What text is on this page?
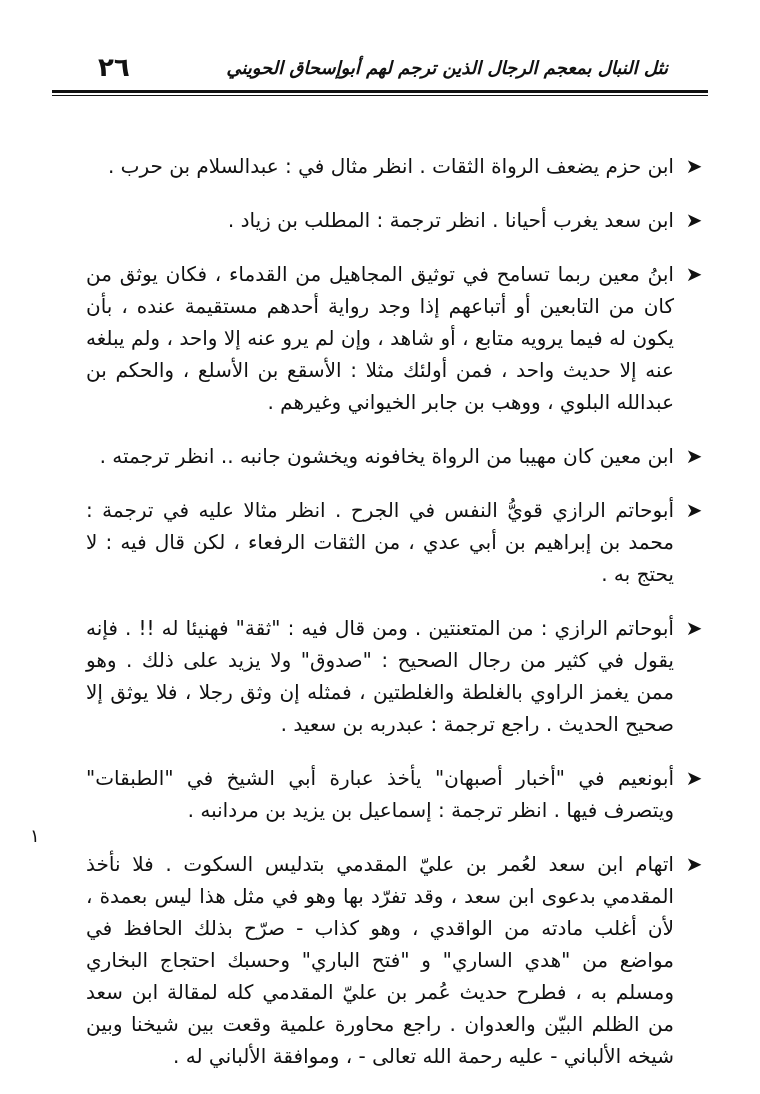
٢٦	نثل النبال بمعجم الرجال الذين ترجم لهم أبوإسحاق الحويني
➤
ابن حزم يضعف الرواة الثقات . انظر مثال في : عبدالسلام بن حرب .
➤
ابن سعد يغرب أحيانا . انظر ترجمة : المطلب بن زياد .
➤
ابنُ معين ربما تسامح في توثيق المجاهيل من القدماء ، فكان يوثق من كان من التابعين أو أتباعهم إذا وجد رواية أحدهم مستقيمة عنده ، بأن يكون له فيما يرويه متابع ، أو شاهد ، وإن لم يرو عنه إلا واحد ، ولم يبلغه عنه إلا حديث واحد ، فمن أولئك مثلا : الأسقع بن الأسلع ، والحكم بن عبدالله البلوي ، ووهب بن جابر الخيواني وغيرهم .
➤
ابن معين كان مهيبا من الرواة يخافونه ويخشون جانبه .. انظر ترجمته .
➤
أبوحاتم الرازي قويُّ النفس في الجرح . انظر مثالا عليه في ترجمة : محمد بن إبراهيم بن أبي عدي ، من الثقات الرفعاء ، لكن قال فيه : لا يحتج به .
➤
أبوحاتم الرازي : من المتعنتين . ومن قال فيه : "ثقة" فهنيئا له !! . فإنه يقول في كثير من رجال الصحيح : "صدوق" ولا يزيد على ذلك . وهو ممن يغمز الراوي بالغلطة والغلطتين ، فمثله إن وثق رجلا ، فلا يوثق إلا صحيح الحديث . راجع ترجمة : عبدربه بن سعيد .
➤
أبونعيم في "أخبار أصبهان" يأخذ عبارة أبي الشيخ في "الطبقات" ويتصرف فيها . انظر ترجمة : إسماعيل بن يزيد بن مردانبه .
➤
اتهام ابن سعد لعُمر بن عليّ المقدمي بتدليس السكوت . فلا نأخذ المقدمي بدعوى ابن سعد ، وقد تفرّد بها وهو في مثل هذا ليس بعمدة ، لأن أغلب مادته من الواقدي ، وهو كذاب - صرّح بذلك الحافظ في مواضع من "هدي الساري" و "فتح الباري" وحسبك احتجاج البخاري ومسلم به ، فطرح حديث عُمر بن عليّ المقدمي كله لمقالة ابن سعد من الظلم البيّن والعدوان . راجع محاورة علمية وقعت بين شيخنا وبين شيخه الألباني - عليه رحمة الله تعالى - ، وموافقة الألباني له .
١
